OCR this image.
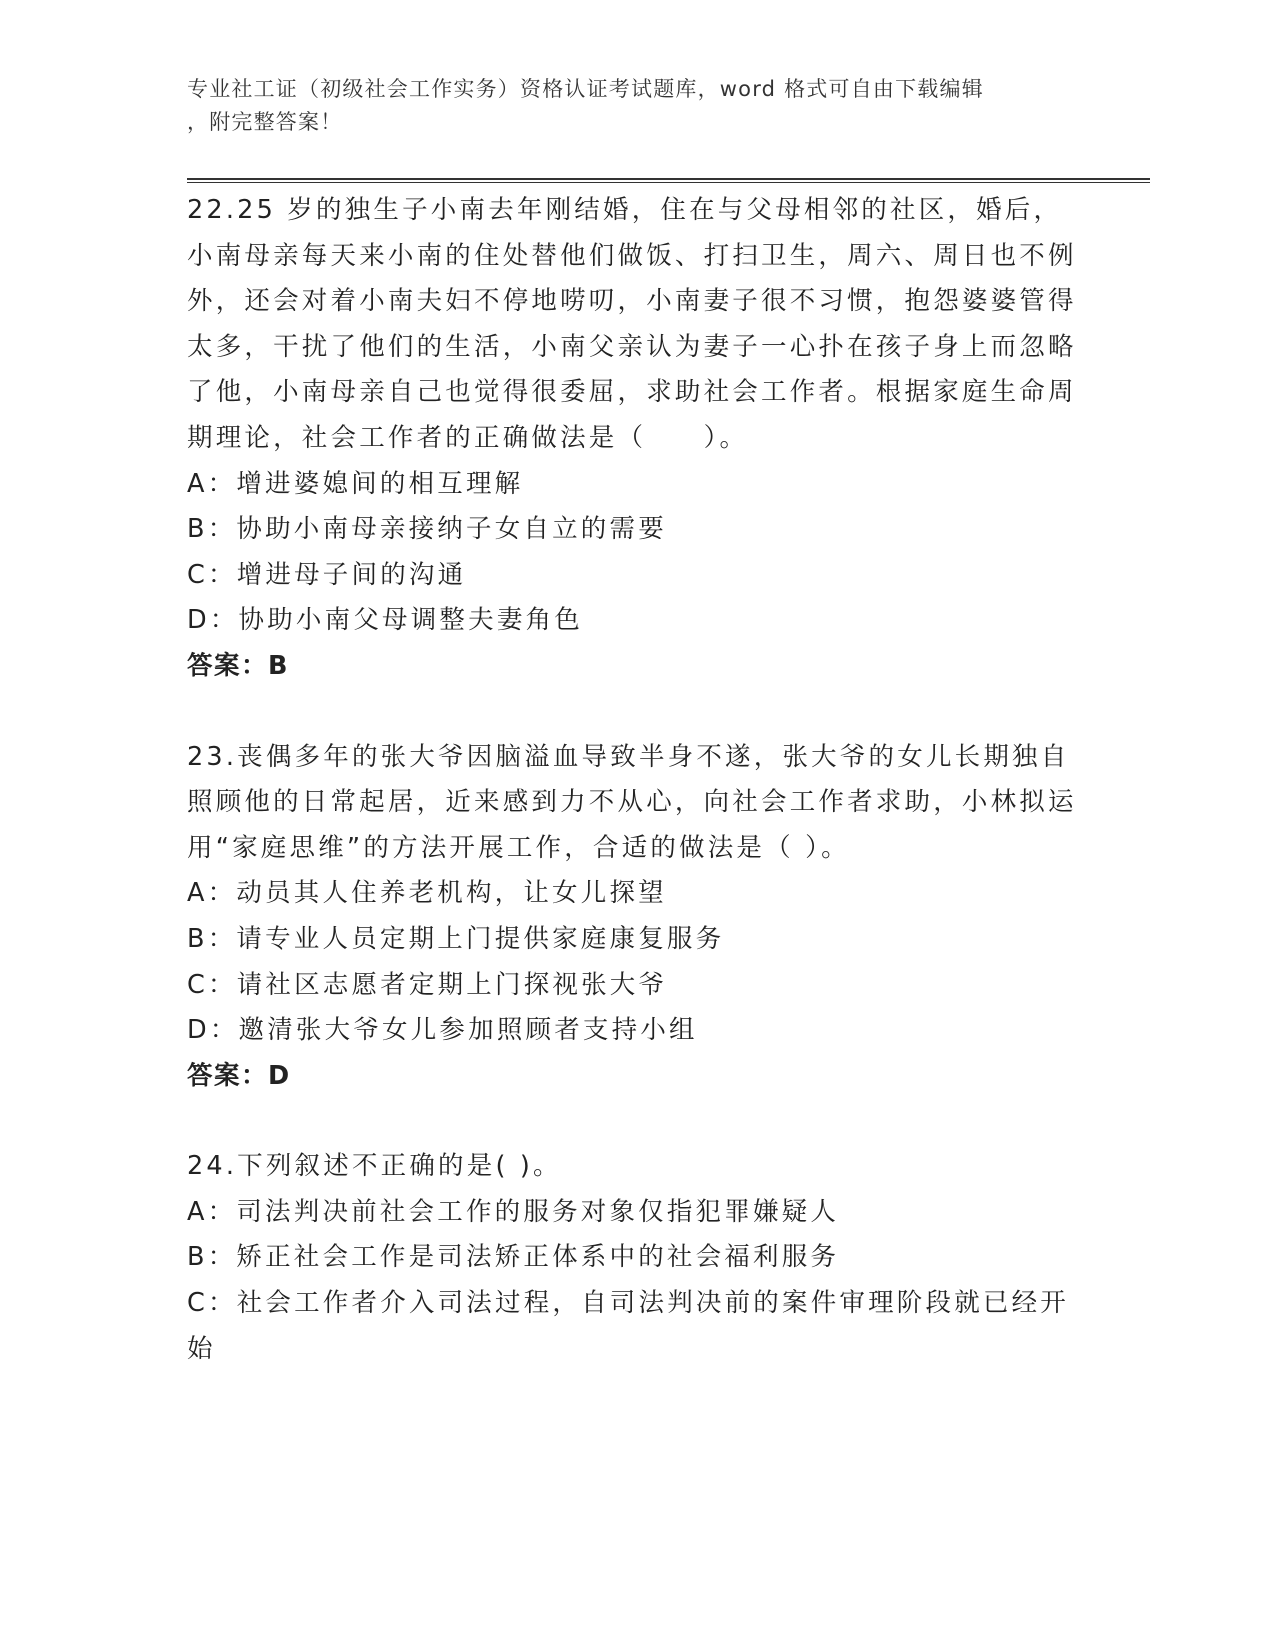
专业社工证（初级社会工作实务）资格认证考试题库，word 格式可自由下载编辑
，附完整答案！

22.25 岁的独生子小南去年刚结婚，住在与父母相邻的社区，婚后，小南母亲每天来小南的住处替他们做饭、打扫卫生，周六、周日也不例外，还会对着小南夫妇不停地唠叨，小南妻子很不习惯，抱怨婆婆管得太多，干扰了他们的生活，小南父亲认为妻子一心扑在孩子身上而忽略了他，小南母亲自己也觉得很委屈，求助社会工作者。根据家庭生命周期理论，社会工作者的正确做法是（　　）。

A：增进婆媳间的相互理解

B：协助小南母亲接纳子女自立的需要

C：增进母子间的沟通

D：协助小南父母调整夫妻角色

答案：B

23.丧偶多年的张大爷因脑溢血导致半身不遂，张大爷的女儿长期独自照顾他的日常起居，近来感到力不从心，向社会工作者求助，小林拟运用“家庭思维”的方法开展工作，合适的做法是（ ）。

A：动员其人住养老机构，让女儿探望

B：请专业人员定期上门提供家庭康复服务

C：请社区志愿者定期上门探视张大爷

D：邀清张大爷女儿参加照顾者支持小组

答案：D

24.下列叙述不正确的是( )。

A：司法判决前社会工作的服务对象仅指犯罪嫌疑人

B：矫正社会工作是司法矫正体系中的社会福利服务

C：社会工作者介入司法过程，自司法判决前的案件审理阶段就已经开始
